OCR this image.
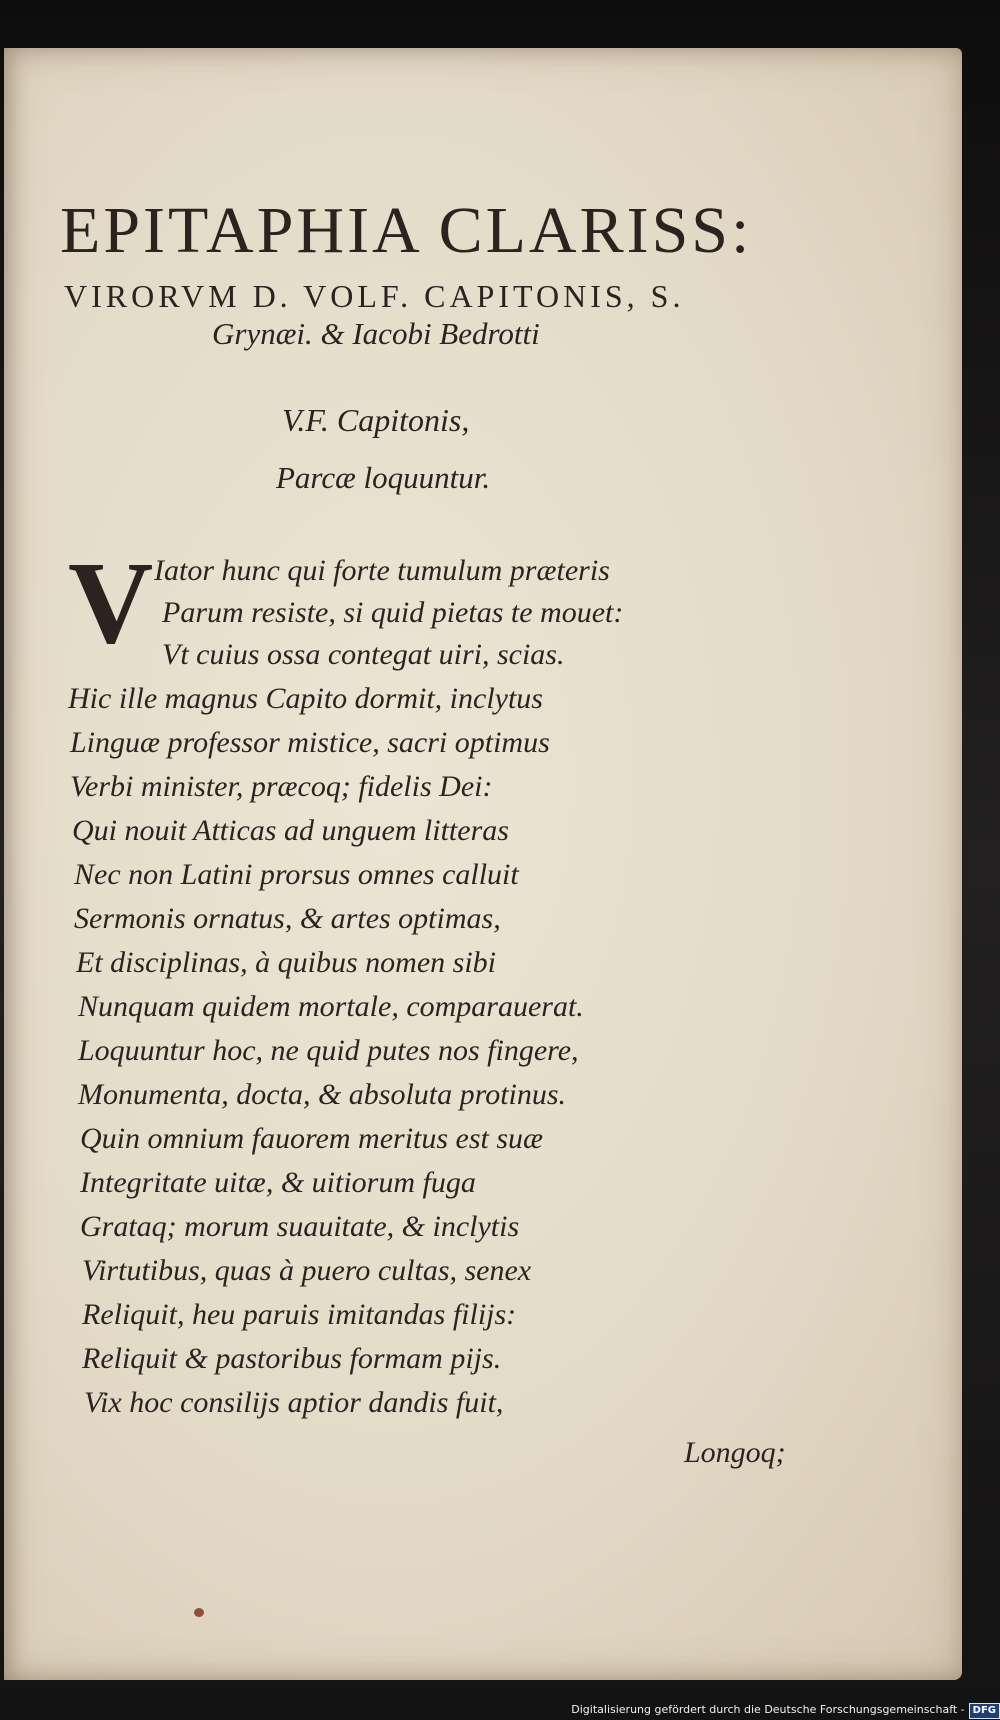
EPITAPHIA CLARISS:
VIRORVM D. VOLF. CAPITONIS, S.
Grynæi. & Iacobi Bedrotti
V.F. Capitonis,
Parcæ loquuntur.
V Iator hunc qui forte tumulum præteris
Parum resiste, si quid pietas te mouet:
Vt cuius ossa contegat uiri, scias.
Hic ille magnus Capito dormit, inclytus
Linguæ professor mistice, sacri optimus
Verbi minister, præcoq; fidelis Dei:
Qui nouit Atticas ad unguem litteras
Nec non Latini prorsus omnes calluit
Sermonis ornatus, & artes optimas,
Et disciplinas, à quibus nomen sibi
Nunquam quidem mortale, comparauerat.
Loquuntur hoc, ne quid putes nos fingere,
Monumenta, docta, & absoluta protinus.
Quin omnium fauorem meritus est suæ
Integritate uitæ, & uitiorum fuga
Grataq; morum suauitate, & inclytis
Virtutibus, quas à puero cultas, senex
Reliquit, heu paruis imitandas filijs:
Reliquit & pastoribus formam pijs.
Vix hoc consilijs aptior dandis fuit,
Longoq;
Digitalisierung gefördert durch die Deutsche Forschungsgemeinschaft - DFG
